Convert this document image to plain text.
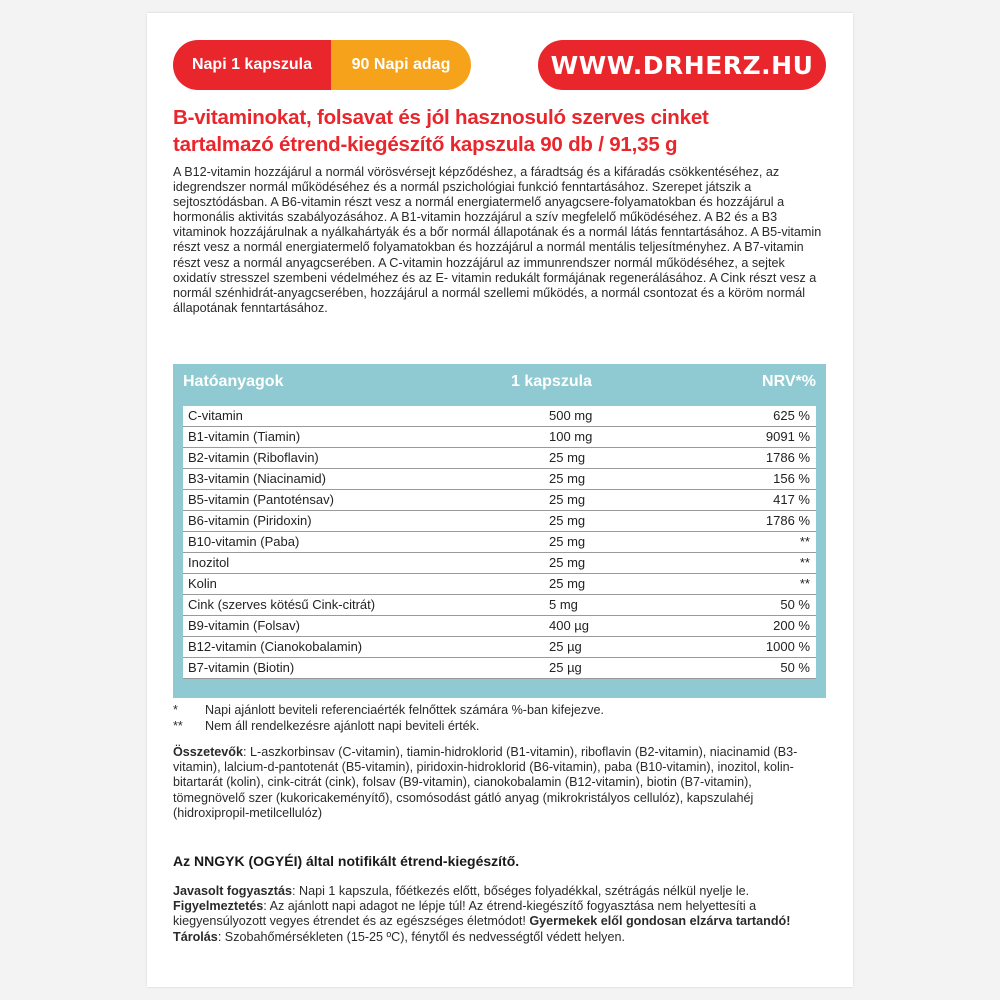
Napi 1 kapszula	90 Napi adag	WWW.DRHERZ.HU
B-vitaminokat, folsavat és jól hasznosuló szerves cinket
tartalmazó étrend-kiegészítő kapszula 90 db / 91,35 g
A B12-vitamin hozzájárul a normál vörösvérsejt képződéshez, a fáradtság és a kifáradás csökkentéséhez, az idegrendszer normál működéséhez és a normál pszichológiai funkció fenntartásához. Szerepet játszik a sejtosztódásban. A B6-vitamin részt vesz a normál energiatermelő anyagcsere-folyamatokban és hozzájárul a hormonális aktivitás szabályozásához. A B1-vitamin hozzájárul a szív megfelelő működéséhez. A B2 és a B3 vitaminok hozzájárulnak a nyálkahártyák és a bőr normál állapotának és a normál látás fenntartásához. A B5-vitamin részt vesz a normál energiatermelő folyamatokban és hozzájárul a normál mentális teljesítményhez. A B7-vitamin részt vesz a normál anyagcserében. A C-vitamin hozzájárul az immunrendszer normál működéséhez, a sejtek oxidatív stresszel szembeni védelméhez és az E- vitamin redukált formájának regenerálásához. A Cink részt vesz a normál szénhidrát-anyagcserében, hozzájárul a normál szellemi működés, a normál csontozat és a köröm normál állapotának fenntartásához.
Hatóanyagok	1 kapszula	NRV*%
C-vitamin	500 mg	625 %
B1-vitamin (Tiamin)	100 mg	9091 %
B2-vitamin (Riboflavin)	25 mg	1786 %
B3-vitamin (Niacinamid)	25 mg	156 %
B5-vitamin (Pantoténsav)	25 mg	417 %
B6-vitamin (Piridoxin)	25 mg	1786 %
B10-vitamin (Paba)	25 mg	**
Inozitol	25 mg	**
Kolin	25 mg	**
Cink (szerves kötésű Cink-citrát)	5 mg	50 %
B9-vitamin (Folsav)	400 µg	200 %
B12-vitamin (Cianokobalamin)	25 µg	1000 %
B7-vitamin (Biotin)	25 µg	50 %
*	Napi ajánlott beviteli referenciaérték felnőttek számára %-ban kifejezve.
**	Nem áll rendelkezésre ajánlott napi beviteli érték.
Összetevők: L-aszkorbinsav (C-vitamin), tiamin-hidroklorid (B1-vitamin), riboflavin (B2-vitamin), niacinamid (B3-vitamin), lalcium-d-pantotenát (B5-vitamin), piridoxin-hidroklorid (B6-vitamin), paba (B10-vitamin), inozitol, kolin-bitartarát (kolin), cink-citrát (cink), folsav (B9-vitamin), cianokobalamin (B12-vitamin), biotin (B7-vitamin), tömegnövelő szer (kukoricakeményítő), csomósodást gátló anyag (mikrokristályos cellulóz), kapszulahéj (hidroxipropil-metilcellulóz)
Az NNGYK (OGYÉI) által notifikált étrend-kiegészítő.
Javasolt fogyasztás: Napi 1 kapszula, főétkezés előtt, bőséges folyadékkal, szétrágás nélkül nyelje le.
Figyelmeztetés: Az ajánlott napi adagot ne lépje túl! Az étrend-kiegészítő fogyasztása nem helyettesíti a kiegyensúlyozott vegyes étrendet és az egészséges életmódot! Gyermekek elől gondosan elzárva tartandó! Tárolás: Szobahőmérsékleten (15-25 ºC), fénytől és nedvességtől védett helyen.
